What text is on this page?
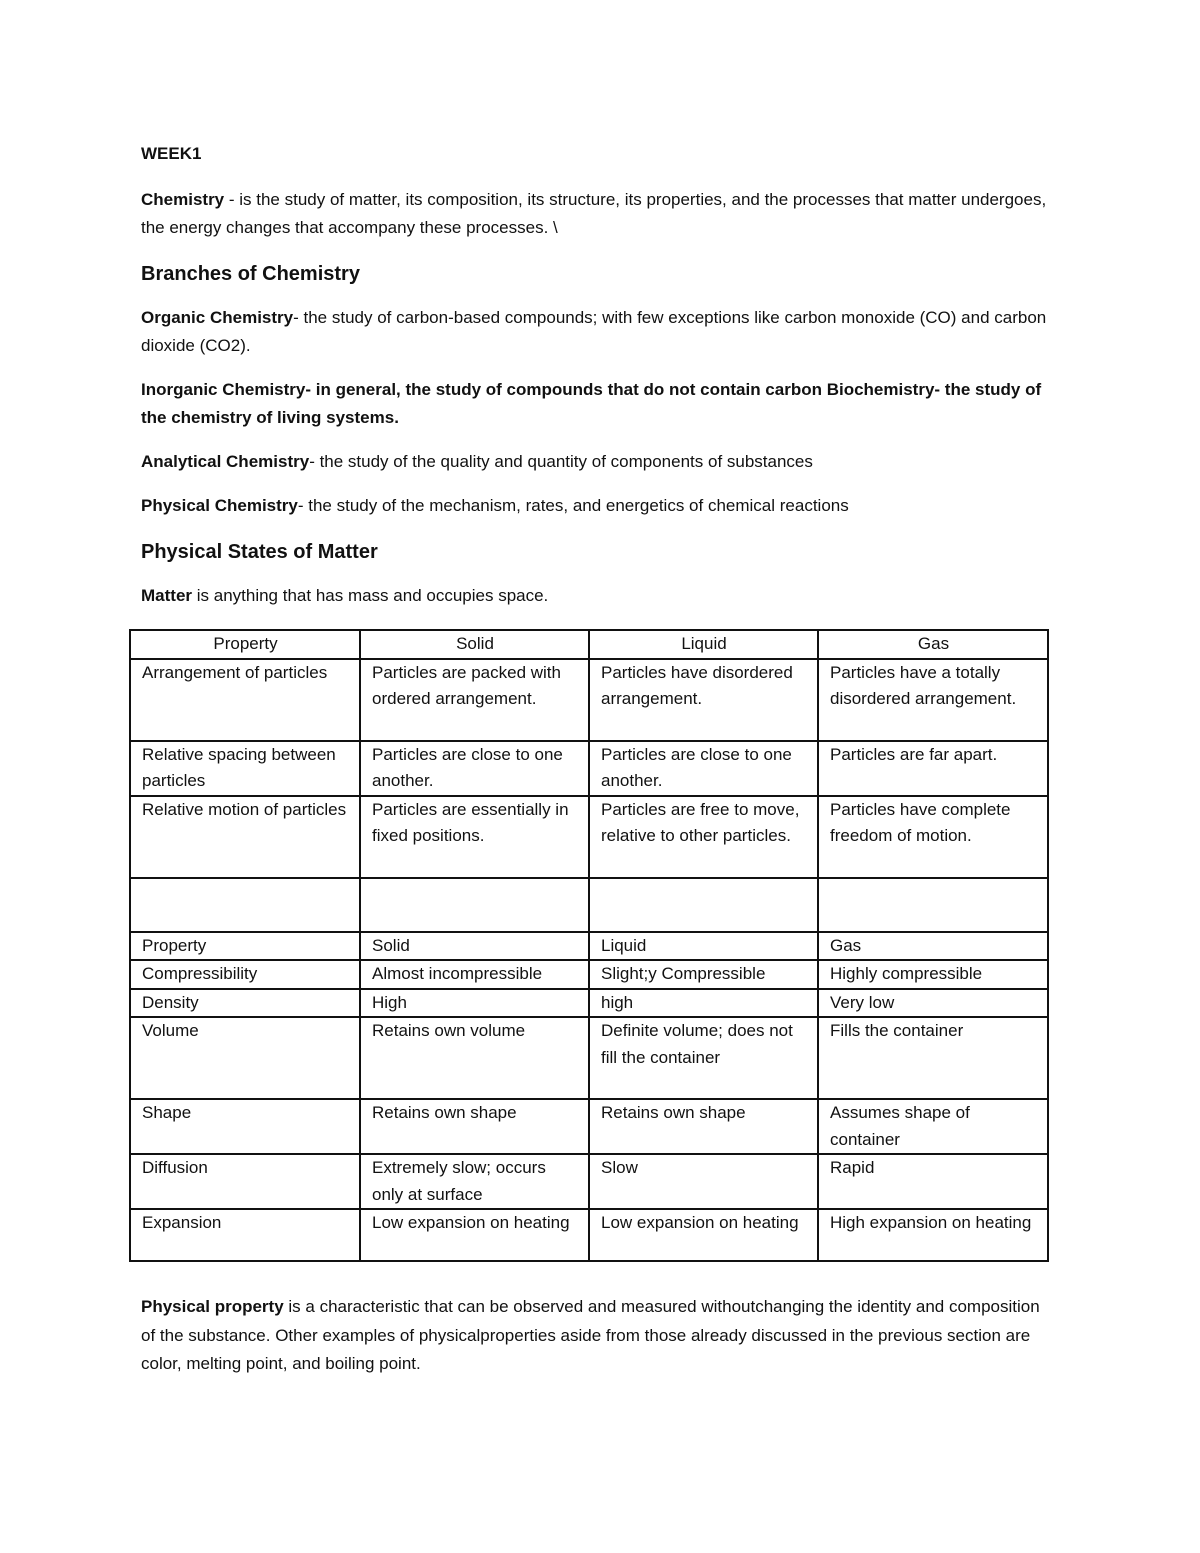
WEEK1

Chemistry - is the study of matter, its composition, its structure, its properties, and the processes that matter undergoes, the energy changes that accompany these processes. \

Branches of Chemistry

Organic Chemistry- the study of carbon-based compounds; with few exceptions like carbon monoxide (CO) and carbon dioxide (CO2).

Inorganic Chemistry- in general, the study of compounds that do not contain carbon Biochemistry- the study of the chemistry of living systems.

Analytical Chemistry- the study of the quality and quantity of components of substances

Physical Chemistry- the study of the mechanism, rates, and energetics of chemical reactions

Physical States of Matter

Matter is anything that has mass and occupies space.

Property	Solid	Liquid	Gas
Arrangement of particles	Particles are packed with ordered arrangement.	Particles have disordered arrangement.	Particles have a totally disordered arrangement.
Relative spacing between particles	Particles are close to one another.	Particles are close to one another.	Particles are far apart.
Relative motion of particles	Particles are essentially in fixed positions.	Particles are free to move, relative to other particles.	Particles have complete freedom of motion.

Property	Solid	Liquid	Gas
Compressibility	Almost incompressible	Slight;y Compressible	Highly compressible
Density	High	high	Very low
Volume	Retains own volume	Definite volume; does not fill the container	Fills the container
Shape	Retains own shape	Retains own shape	Assumes shape of container
Diffusion	Extremely slow; occurs only at surface	Slow	Rapid
Expansion	Low expansion on heating	Low expansion on heating	High expansion on heating

Physical property is a characteristic that can be observed and measured withoutchanging the identity and composition of the substance. Other examples of physicalproperties aside from those already discussed in the previous section are color, melting point, and boiling point.
